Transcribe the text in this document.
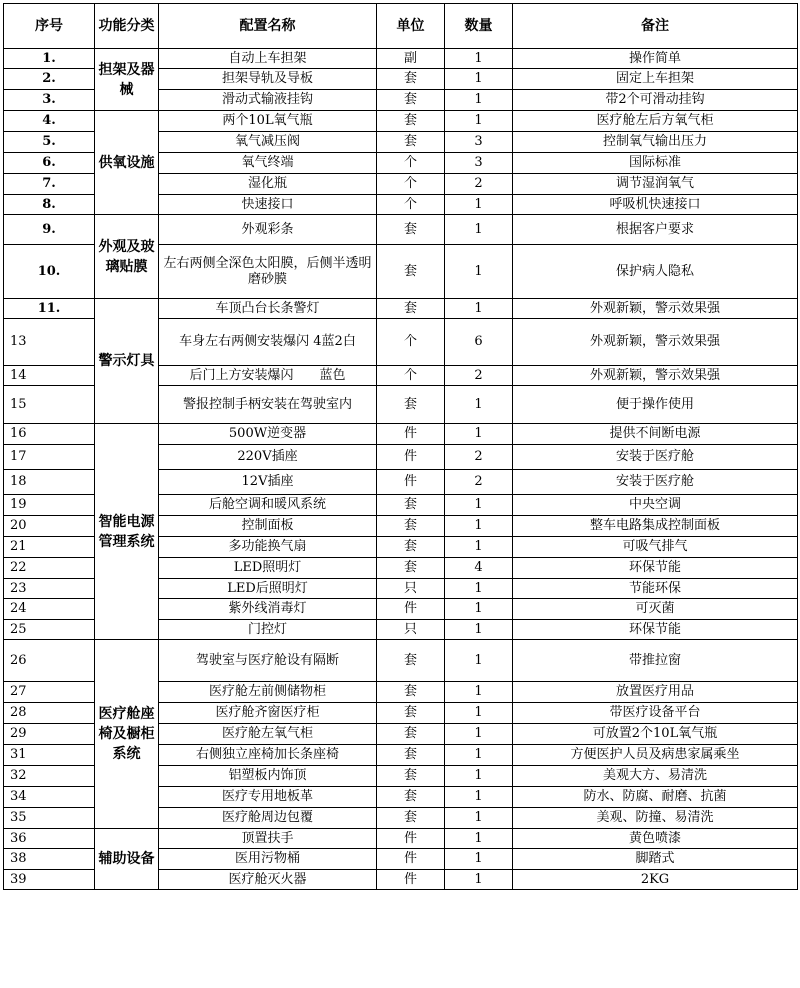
序号	功能分类	配置名称	单位	数量	备注
1.	担架及器械	自动上车担架	副	1	操作简单
2.		担架导轨及导板	套	1	固定上车担架
3.		滑动式输液挂钩	套	1	带2个可滑动挂钩
4.	供氧设施	两个10L氧气瓶	套	1	医疗舱左后方氧气柜
5.		氧气减压阀	套	3	控制氧气输出压力
6.		氧气终端	个	3	国际标准
7.		湿化瓶	个	2	调节湿润氧气
8.		快速接口	个	1	呼吸机快速接口
9.	外观及玻璃贴膜	外观彩条	套	1	根据客户要求
10.		左右两侧全深色太阳膜，后侧半透明磨砂膜	套	1	保护病人隐私
11.	警示灯具	车顶凸台长条警灯	套	1	外观新颖，警示效果强
13		车身左右两侧安装爆闪 4蓝2白	个	6	外观新颖，警示效果强
14		后门上方安装爆闪　　蓝色	个	2	外观新颖，警示效果强
15		警报控制手柄安装在驾驶室内	套	1	便于操作使用
16	智能电源管理系统	500W逆变器	件	1	提供不间断电源
17		220V插座	件	2	安装于医疗舱
18		12V插座	件	2	安装于医疗舱
19		后舱空调和暖风系统	套	1	中央空调
20		控制面板	套	1	整车电路集成控制面板
21		多功能换气扇	套	1	可吸气排气
22		LED照明灯	套	4	环保节能
23		LED后照明灯	只	1	节能环保
24		紫外线消毒灯	件	1	可灭菌
25		门控灯	只	1	环保节能
26	医疗舱座椅及橱柜系统	驾驶室与医疗舱设有隔断	套	1	带推拉窗
27		医疗舱左前侧储物柜	套	1	放置医疗用品
28		医疗舱齐窗医疗柜	套	1	带医疗设备平台
29		医疗舱左氧气柜	套	1	可放置2个10L氧气瓶
31		右侧独立座椅加长条座椅	套	1	方便医护人员及病患家属乘坐
32		铝塑板内饰顶	套	1	美观大方、易清洗
34		医疗专用地板革	套	1	防水、防腐、耐磨、抗菌
35		医疗舱周边包覆	套	1	美观、防撞、易清洗
36	辅助设备	顶置扶手	件	1	黄色喷漆
38		医用污物桶	件	1	脚踏式
39		医疗舱灭火器	件	1	2KG
